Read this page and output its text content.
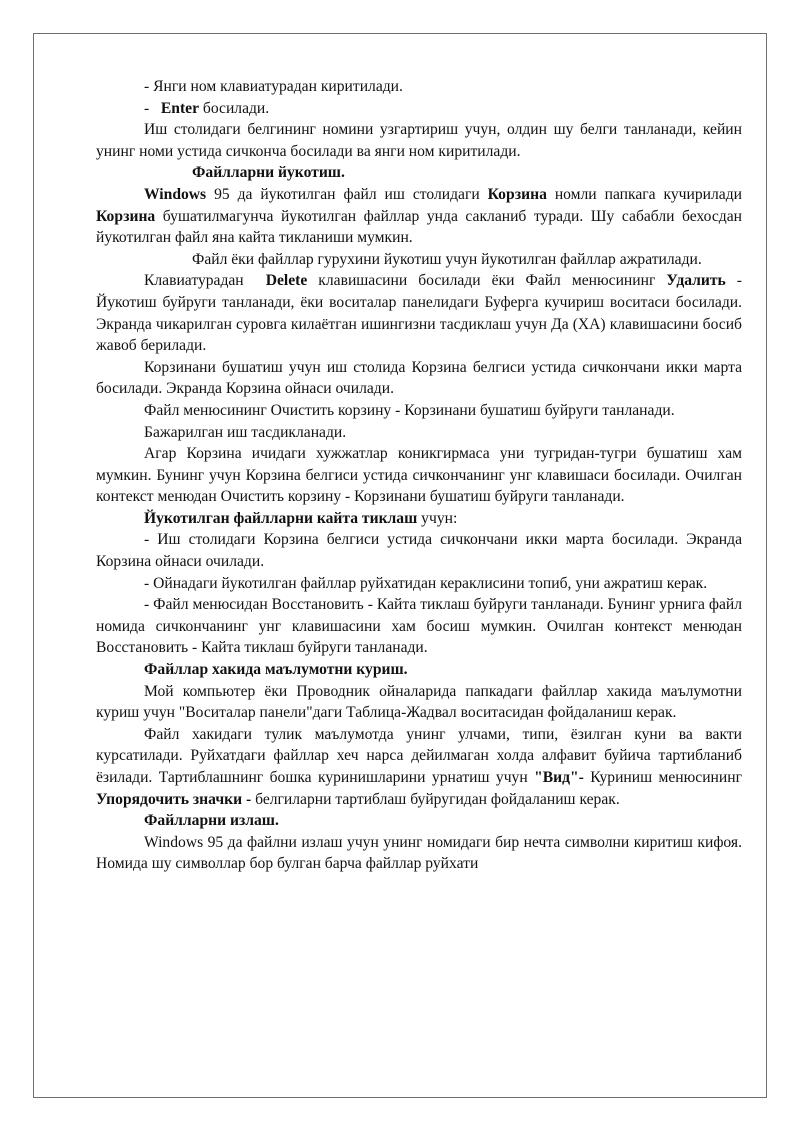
- Янги ном клавиатурадан киритилади.

-   Enter босилади.

Иш столидаги белгининг номини узгартириш учун, олдин шу белги танланади, кейин унинг номи устида сичконча босилади ва янги ном киритилади.

Файлларни йукотиш.

Windows 95 да йукотилган файл иш столидаги Корзина номли папкага кучирилади Корзина бушатилмагунча йукотилган файллар унда сакланиб туради. Шу сабабли бехосдан йукотилган файл яна кайта тикланиши мумкин.

Файл ёки файллар гурухини йукотиш учун йукотилган файллар ажратилади.

Клавиатурадан  Delete клавишасини босилади ёки Файл менюсининг Удалить - Йукотиш буйруги танланади, ёки воситалар панелидаги Буферга кучириш воситаси босилади. Экранда чикарилган суровга килаётган ишингизни тасдиклаш учун Да (ХА) клавишасини босиб жавоб берилади.

Корзинани бушатиш учун иш столида Корзина белгиси устида сичкончани икки марта босилади. Экранда Корзина ойнаси очилади.

Файл менюсининг Очистить корзину - Корзинани бушатиш буйруги танланади.

Бажарилган иш тасдикланади.

Агар Корзина ичидаги хужжатлар коникгирмаса уни тугридан-тугри бушатиш хам мумкин. Бунинг учун Корзина белгиси устида сичкончанинг унг клавишаси босилади. Очилган контекст менюдан Очистить корзину - Корзинани бушатиш буйруги танланади.

Йукотилган файлларни кайта тиклаш учун:

- Иш столидаги Корзина белгиси устида сичкончани икки марта босилади. Экранда Корзина ойнаси очилади.

- Ойнадаги йукотилган файллар руйхатидан кераклисини топиб, уни ажратиш керак.

- Файл менюсидан Восстановить - Кайта тиклаш буйруги танланади. Бунинг урнига файл номида сичкончанинг унг клавишасини хам босиш мумкин. Очилган контекст менюдан Восстановить - Кайта тиклаш буйруги танланади.

Файллар хакида маълумотни куриш.

Мой компьютер ёки Проводник ойналарида папкадаги файллар хакида маълумотни куриш учун "Воситалар панели"даги Таблица-Жадвал воситасидан фойдаланиш керак.

Файл хакидаги тулик маълумотда унинг улчами, типи, ёзилган куни ва вакти курсатилади. Руйхатдаги файллар хеч нарса дейилмаган холда алфавит буйича тартибланиб ёзилади. Тартиблашнинг бошка куринишларини урнатиш учун "Вид"- Куриниш менюсининг Упорядочить значки - белгиларни тартиблаш буйругидан фойдаланиш керак.

Файлларни излаш.

Windows 95 да файлни излаш учун унинг номидаги бир нечта символни киритиш кифоя. Номида шу символлар бор булган барча файллар руйхати
